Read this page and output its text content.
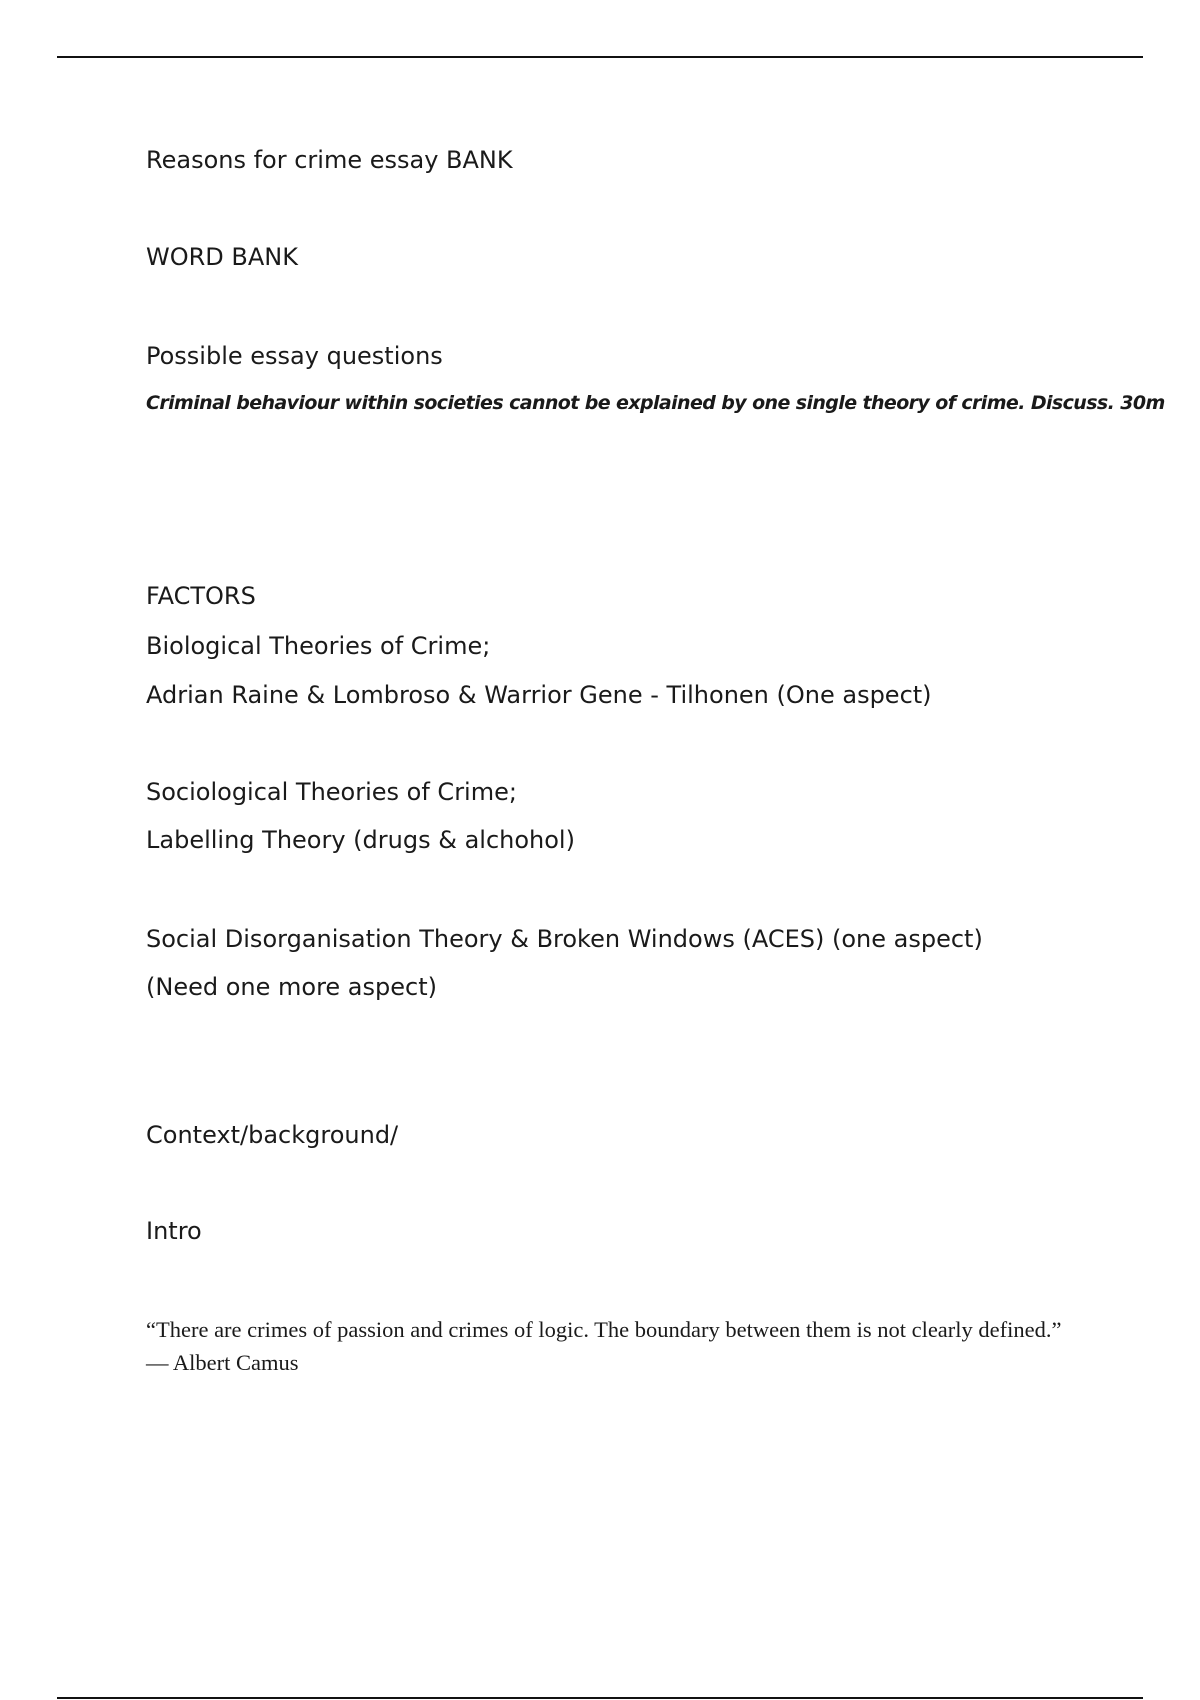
Reasons for crime essay BANK

WORD BANK

Possible essay questions

Criminal behaviour within societies cannot be explained by one single theory of crime. Discuss. 30m

FACTORS

Biological Theories of Crime;

Adrian Raine & Lombroso & Warrior Gene - Tilhonen (One aspect)

Sociological Theories of Crime;

Labelling Theory (drugs & alchohol)

Social Disorganisation Theory & Broken Windows (ACES) (one aspect)

(Need one more aspect)

Context/background/

Intro

“There are crimes of passion and crimes of logic. The boundary between them is not clearly defined.” — Albert Camus
